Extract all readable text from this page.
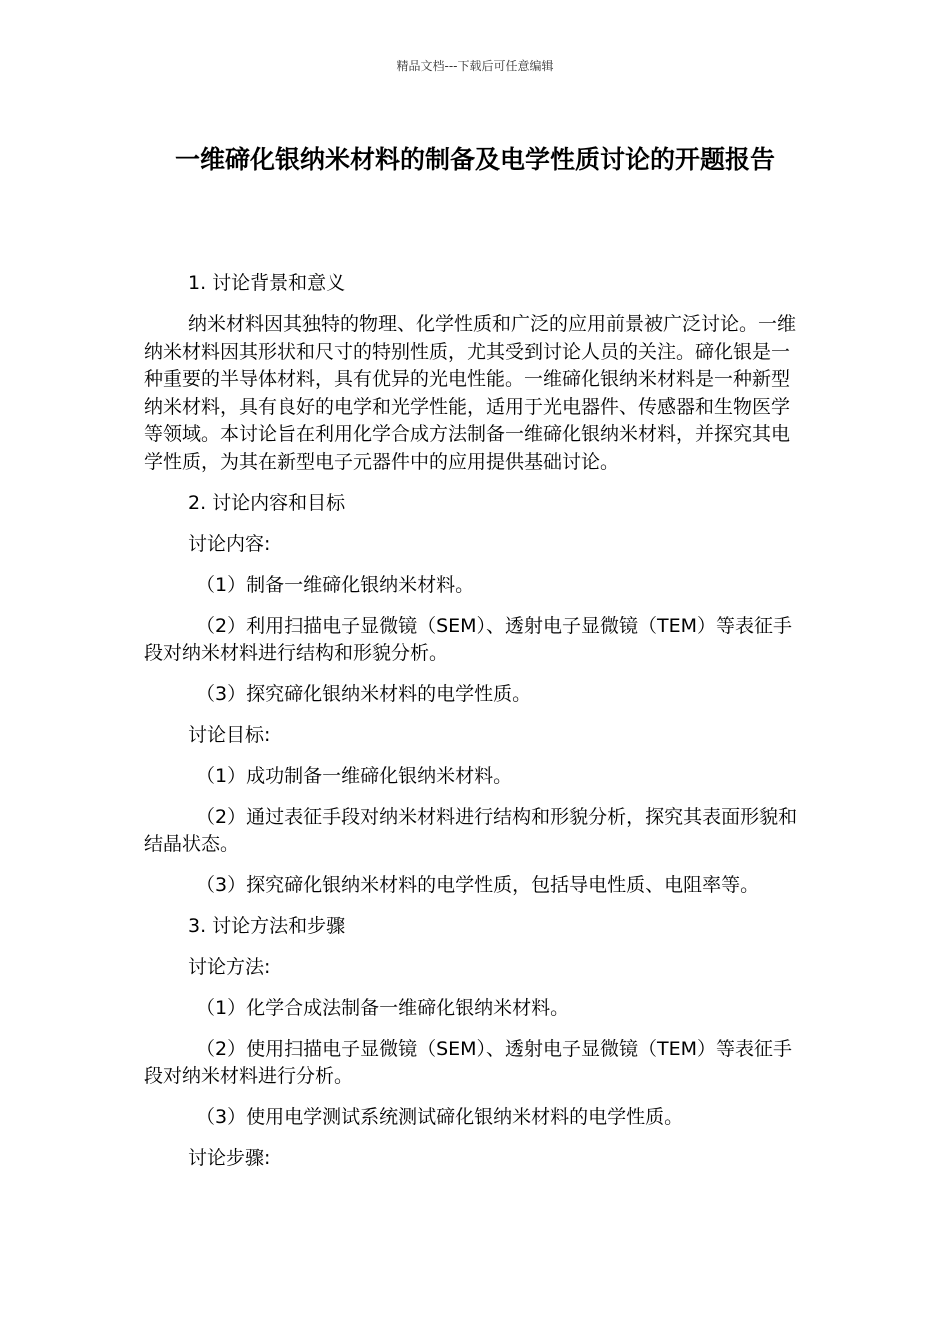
精品文档---下载后可任意编辑
一维碲化银纳米材料的制备及电学性质讨论的开题报告

1. 讨论背景和意义

纳米材料因其独特的物理、化学性质和广泛的应用前景被广泛讨论。一维纳米材料因其形状和尺寸的特别性质，尤其受到讨论人员的关注。碲化银是一种重要的半导体材料，具有优异的光电性能。一维碲化银纳米材料是一种新型纳米材料，具有良好的电学和光学性能，适用于光电器件、传感器和生物医学等领域。本讨论旨在利用化学合成方法制备一维碲化银纳米材料，并探究其电学性质，为其在新型电子元器件中的应用提供基础讨论。

2. 讨论内容和目标

讨论内容:

（1）制备一维碲化银纳米材料。

（2）利用扫描电子显微镜（SEM）、透射电子显微镜（TEM）等表征手段对纳米材料进行结构和形貌分析。

（3）探究碲化银纳米材料的电学性质。

讨论目标:

（1）成功制备一维碲化银纳米材料。

（2）通过表征手段对纳米材料进行结构和形貌分析，探究其表面形貌和结晶状态。

（3）探究碲化银纳米材料的电学性质，包括导电性质、电阻率等。

3. 讨论方法和步骤

讨论方法:

（1）化学合成法制备一维碲化银纳米材料。

（2）使用扫描电子显微镜（SEM）、透射电子显微镜（TEM）等表征手段对纳米材料进行分析。

（3）使用电学测试系统测试碲化银纳米材料的电学性质。

讨论步骤:
